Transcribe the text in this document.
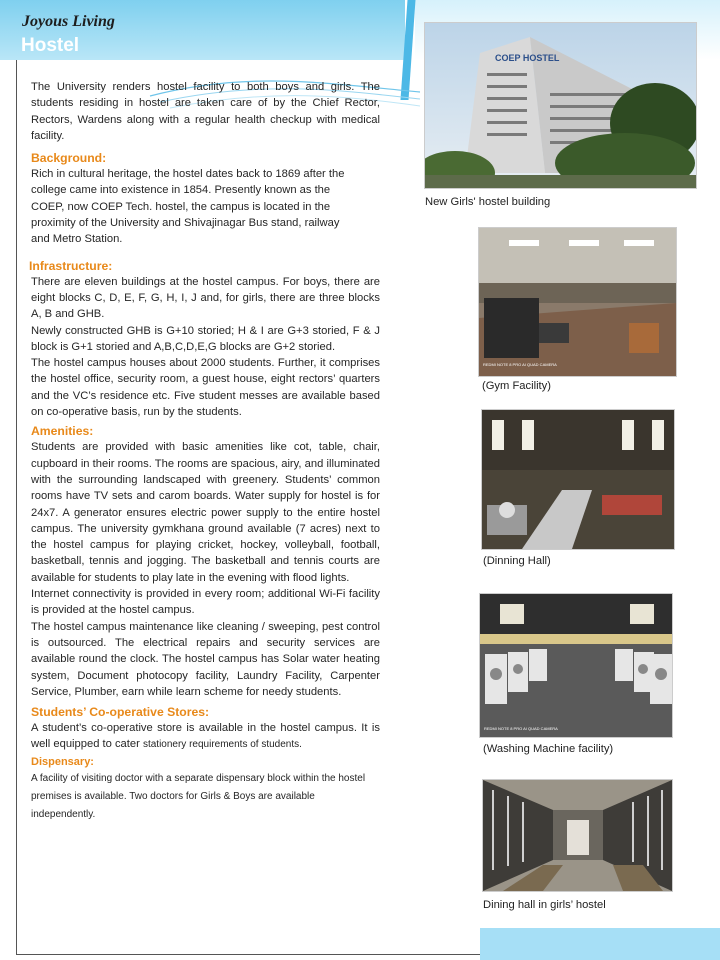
Joyous Living
Hostel

The University renders hostel facility to both boys and girls. The students residing in hostel are taken care of by the Chief Rector, Rectors, Wardens along with a regular health checkup with medical facility.

Background:

Rich in cultural heritage, the hostel dates back to 1869 after the college came into existence in 1854. Presently known as the COEP, now COEP Tech. hostel, the campus is located in the proximity of the University and Shivajinagar Bus stand, railway and Metro Station.

Infrastructure:

There are eleven buildings at the hostel campus. For boys, there are eight blocks C, D, E, F, G, H, I, J and, for girls, there are three blocks A, B and GHB.

Newly constructed GHB is G+10 storied; H & I are G+3 storied, F & J block is G+1 storied and A,B,C,D,E,G blocks are G+2 storied.

The hostel campus houses about 2000 students. Further, it comprises the hostel office, security room, a guest house, eight rectors’ quarters and the VC’s residence etc. Five student messes are available based on co-operative basis, run by the students.

Amenities:

Students are provided with basic amenities like cot, table, chair, cupboard in their rooms. The rooms are spacious, airy, and illuminated with the surrounding landscaped with greenery. Students’ common rooms have TV sets and carom boards. Water supply for hostel is for 24x7. A generator ensures electric power supply to the entire hostel campus. The university gymkhana ground available (7 acres) next to the hostel campus for playing cricket, hockey, volleyball, football, basketball, tennis and jogging. The basketball and tennis courts are available for students to play late in the evening with flood lights.

Internet connectivity is provided in every room; additional Wi-Fi facility is provided at the hostel campus.

The hostel campus maintenance like cleaning / sweeping, pest control is outsourced. The electrical repairs and security services are available round the clock. The hostel campus has Solar water heating system, Document photocopy facility, Laundry Facility, Carpenter Service, Plumber, earn while learn scheme for needy students.

Students’ Co-operative Stores:

A student’s co-operative store is available in the hostel campus. It is well equipped to cater stationery requirements of students.

Dispensary:

A facility of visiting doctor with a separate dispensary block within the hostel premises is available. Two doctors for Girls & Boys are available independently.

COEP HOSTEL
New Girls' hostel building
REDMI NOTE 8 PRO AI QUAD CAMERA
(Gym Facility)
(Dinning Hall)
REDMI NOTE 8 PRO AI QUAD CAMERA
(Washing Machine facility)
Dining hall in girls’ hostel
